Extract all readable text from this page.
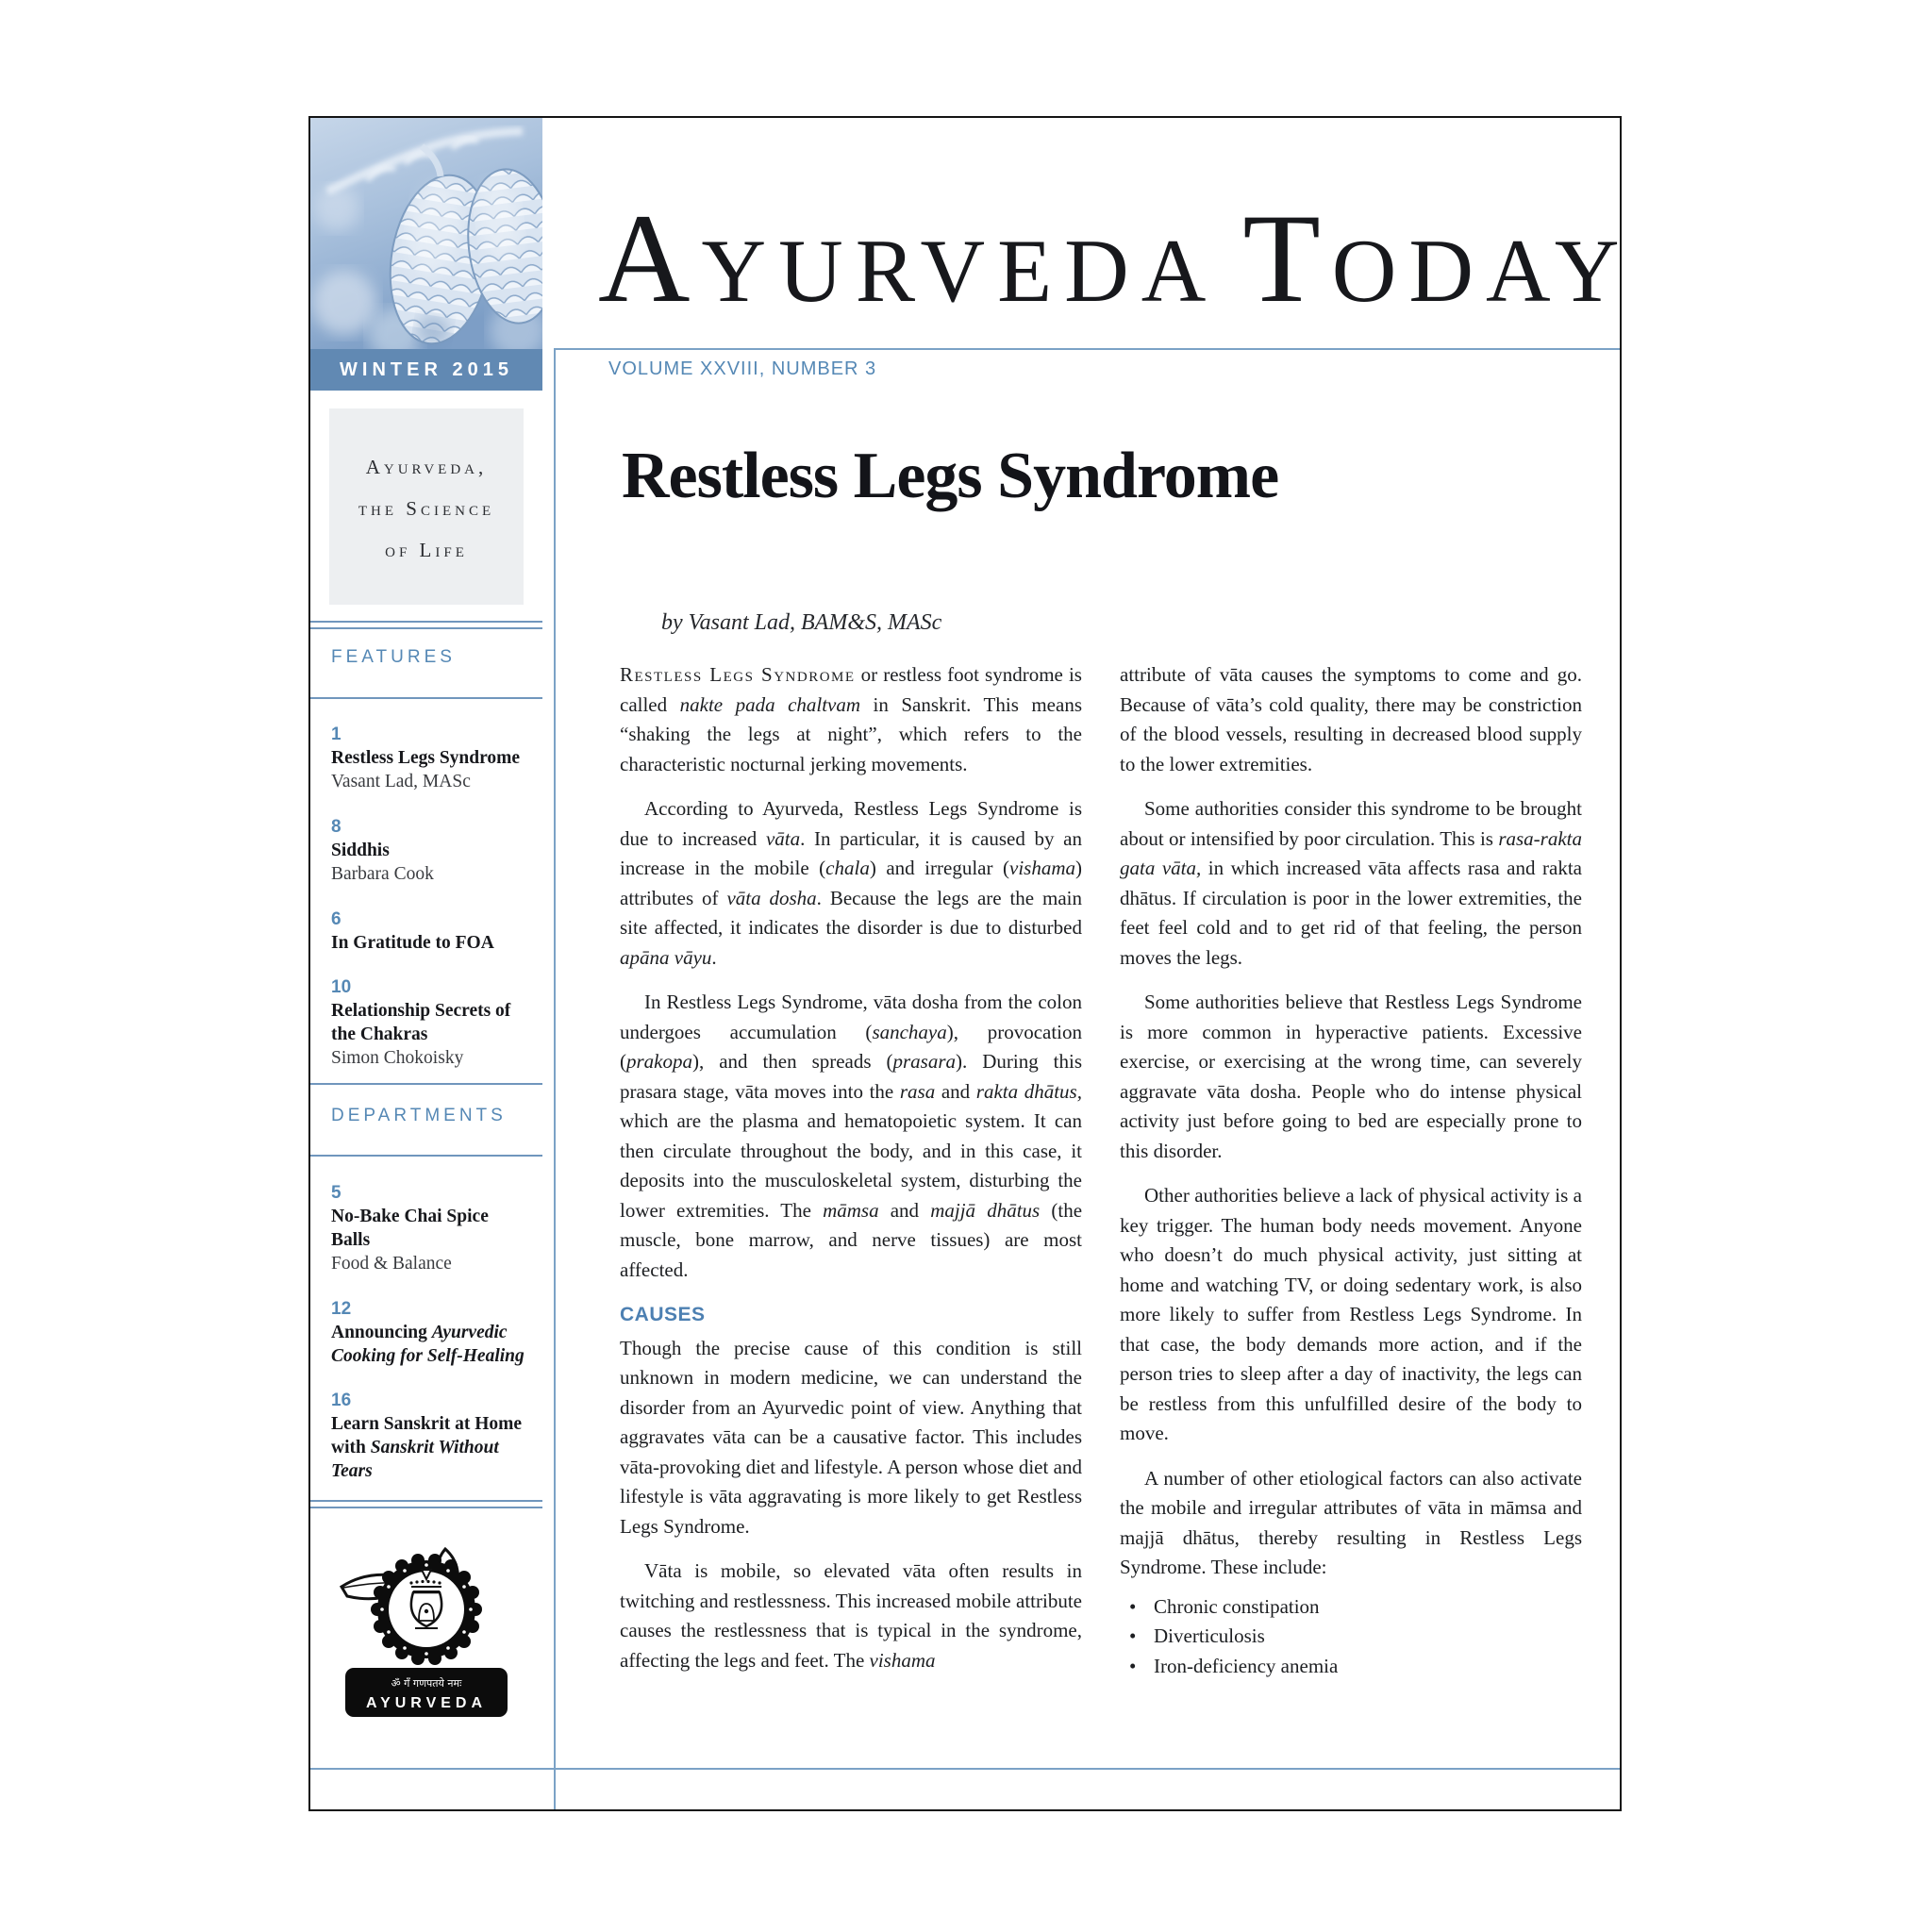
AYURVEDA TODAY
WINTER 2015	VOLUME XXVIII, NUMBER 3
Ayurveda,
the Science
of Life
FEATURES
1
Restless Legs Syndrome
Vasant Lad, MASc
8
Siddhis
Barbara Cook
6
In Gratitude to FOA
10
Relationship Secrets of the Chakras
Simon Chokoisky
DEPARTMENTS
5
No-Bake Chai Spice Balls
Food & Balance
12
Announcing Ayurvedic Cooking for Self-Healing
16
Learn Sanskrit at Home with Sanskrit Without Tears
ॐ गँ गणपतये नमः
AYURVEDA
Restless Legs Syndrome
by Vasant Lad, BAM&S, MASc

Restless Legs Syndrome or restless foot syndrome is called nakte pada chaltvam in Sanskrit. This means “shaking the legs at night”, which refers to the characteristic nocturnal jerking movements.

According to Ayurveda, Restless Legs Syndrome is due to increased vāta. In particular, it is caused by an increase in the mobile (chala) and irregular (vishama) attributes of vāta dosha. Because the legs are the main site affected, it indicates the disorder is due to disturbed apāna vāyu.

In Restless Legs Syndrome, vāta dosha from the colon undergoes accumulation (sanchaya), provocation (prakopa), and then spreads (prasara). During this prasara stage, vāta moves into the rasa and rakta dhātus, which are the plasma and hematopoietic system. It can then circulate throughout the body, and in this case, it deposits into the musculoskeletal system, disturbing the lower extremities. The māmsa and majjā dhātus (the muscle, bone marrow, and nerve tissues) are most affected.

CAUSES

Though the precise cause of this condition is still unknown in modern medicine, we can understand the disorder from an Ayurvedic point of view. Anything that aggravates vāta can be a causative factor. This includes vāta-provoking diet and lifestyle. A person whose diet and lifestyle is vāta aggravating is more likely to get Restless Legs Syndrome.

Vāta is mobile, so elevated vāta often results in twitching and restlessness. This increased mobile attribute causes the restlessness that is typical in the syndrome, affecting the legs and feet. The vishama

attribute of vāta causes the symptoms to come and go. Because of vāta’s cold quality, there may be constriction of the blood vessels, resulting in decreased blood supply to the lower extremities.

Some authorities consider this syndrome to be brought about or intensified by poor circulation. This is rasa-rakta gata vāta, in which increased vāta affects rasa and rakta dhātus. If circulation is poor in the lower extremities, the feet feel cold and to get rid of that feeling, the person moves the legs.

Some authorities believe that Restless Legs Syndrome is more common in hyperactive patients. Excessive exercise, or exercising at the wrong time, can severely aggravate vāta dosha. People who do intense physical activity just before going to bed are especially prone to this disorder.

Other authorities believe a lack of physical activity is a key trigger. The human body needs movement. Anyone who doesn’t do much physical activity, just sitting at home and watching TV, or doing sedentary work, is also more likely to suffer from Restless Legs Syndrome. In that case, the body demands more action, and if the person tries to sleep after a day of inactivity, the legs can be restless from this unfulfilled desire of the body to move.

A number of other etiological factors can also activate the mobile and irregular attributes of vāta in māmsa and majjā dhātus, thereby resulting in Restless Legs Syndrome. These include:

• Chronic constipation
• Diverticulosis
• Iron-deficiency anemia
